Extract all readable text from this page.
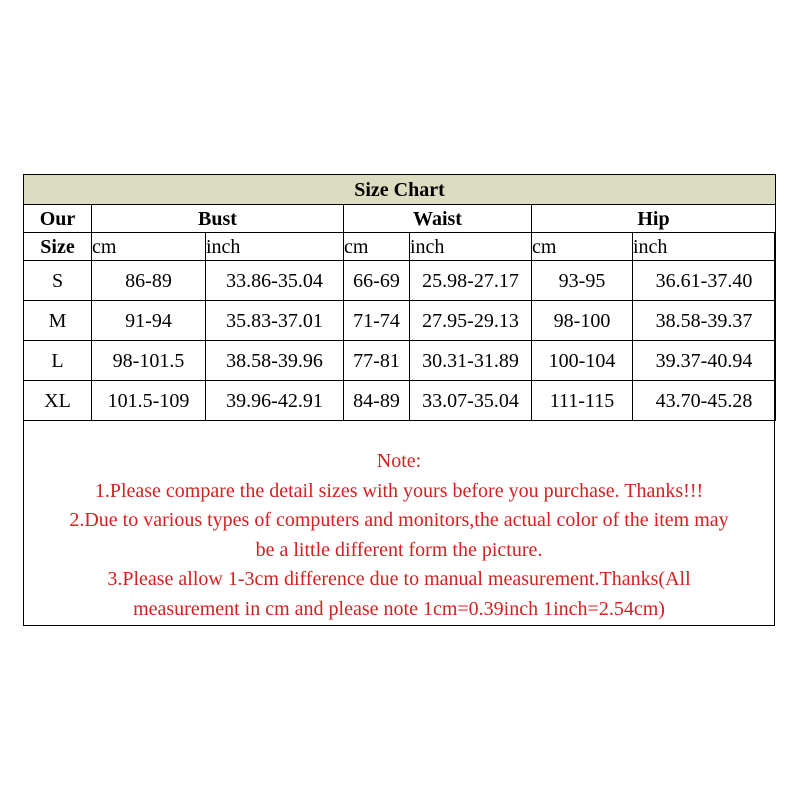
Size Chart						
Our	Bust		Waist		Hip	
Size	cm	inch	cm	inch	cm	inch
S	86-89	33.86-35.04	66-69	25.98-27.17	93-95	36.61-37.40
M	91-94	35.83-37.01	71-74	27.95-29.13	98-100	38.58-39.37
L	98-101.5	38.58-39.96	77-81	30.31-31.89	100-104	39.37-40.94
XL	101.5-109	39.96-42.91	84-89	33.07-35.04	111-115	43.70-45.28

Note:

1.Please compare the detail sizes with yours before you purchase. Thanks!!!

2.Due to various types of computers and monitors,the actual color of the item may

be a little different form the picture.

3.Please allow 1-3cm difference due to manual measurement.Thanks(All

measurement in cm and please note 1cm=0.39inch 1inch=2.54cm)
